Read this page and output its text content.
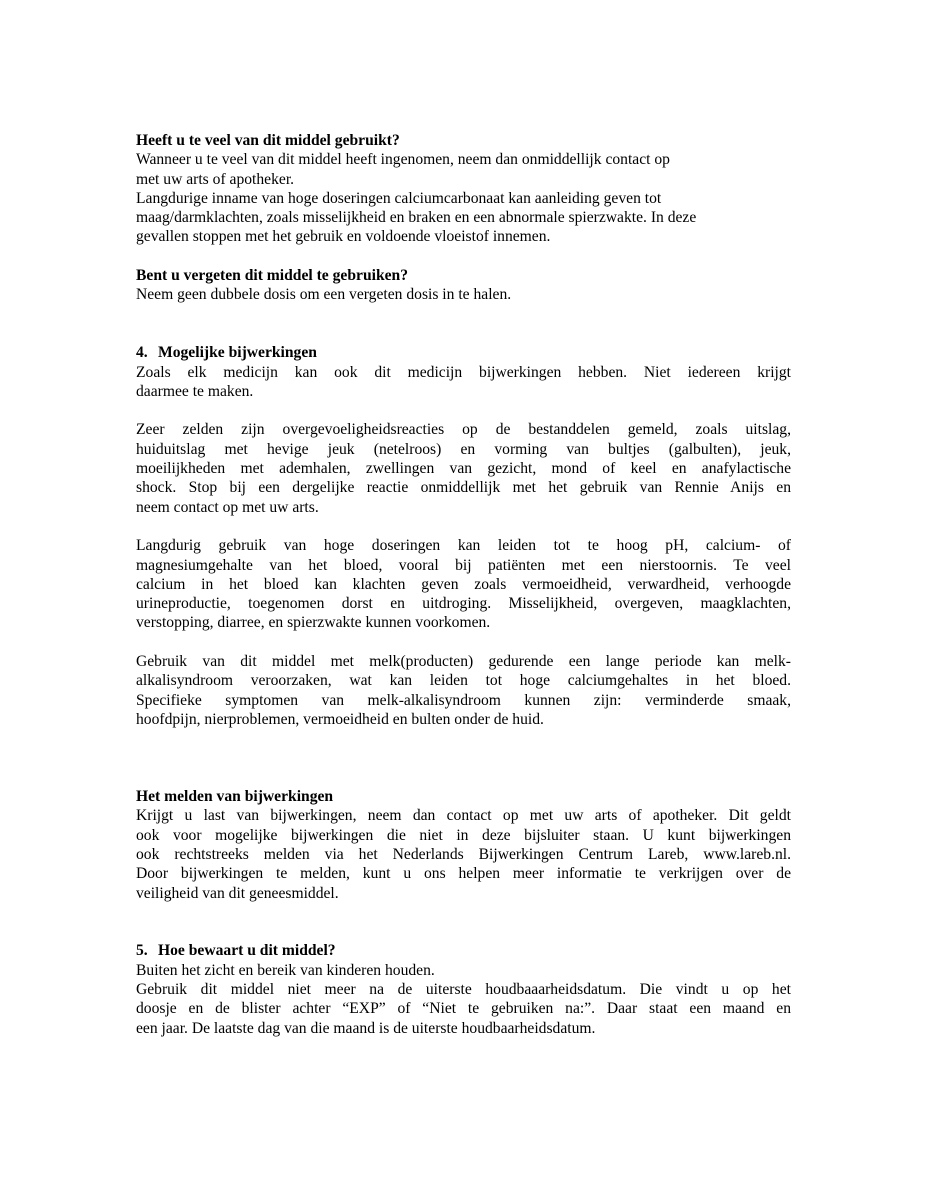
Heeft u te veel van dit middel gebruikt?

Wanneer u te veel van dit middel heeft ingenomen, neem dan onmiddellijk contact op
met uw arts of apotheker.
Langdurige inname van hoge doseringen calciumcarbonaat kan aanleiding geven tot
maag/darmklachten, zoals misselijkheid en braken en een abnormale spierzwakte. In deze
gevallen stoppen met het gebruik en voldoende vloeistof innemen.

Bent u vergeten dit middel te gebruiken?

Neem geen dubbele dosis om een vergeten dosis in te halen.

4. Mogelijke bijwerkingen

Zoals elk medicijn kan ook dit medicijn bijwerkingen hebben. Niet iedereen krijgt
daarmee te maken.
Zeer zelden zijn overgevoeligheidsreacties op de bestanddelen gemeld, zoals uitslag,
huiduitslag met hevige jeuk (netelroos) en vorming van bultjes (galbulten), jeuk,
moeilijkheden met ademhalen, zwellingen van gezicht, mond of keel en anafylactische
shock. Stop bij een dergelijke reactie onmiddellijk met het gebruik van Rennie Anijs en
neem contact op met uw arts.
Langdurig gebruik van hoge doseringen kan leiden tot te hoog pH, calcium- of
magnesiumgehalte van het bloed, vooral bij patiënten met een nierstoornis. Te veel
calcium in het bloed kan klachten geven zoals vermoeidheid, verwardheid, verhoogde
urineproductie, toegenomen dorst en uitdroging. Misselijkheid, overgeven, maagklachten,
verstopping, diarree, en spierzwakte kunnen voorkomen.
Gebruik van dit middel met melk(producten) gedurende een lange periode kan melk-
alkalisyndroom veroorzaken, wat kan leiden tot hoge calciumgehaltes in het bloed.
Specifieke symptomen van melk-alkalisyndroom kunnen zijn: verminderde smaak,
hoofdpijn, nierproblemen, vermoeidheid en bulten onder de huid.

Het melden van bijwerkingen

Krijgt u last van bijwerkingen, neem dan contact op met uw arts of apotheker. Dit geldt
ook voor mogelijke bijwerkingen die niet in deze bijsluiter staan. U kunt bijwerkingen
ook rechtstreeks melden via het Nederlands Bijwerkingen Centrum Lareb, www.lareb.nl.
Door bijwerkingen te melden, kunt u ons helpen meer informatie te verkrijgen over de
veiligheid van dit geneesmiddel.

5. Hoe bewaart u dit middel?

Buiten het zicht en bereik van kinderen houden.
Gebruik dit middel niet meer na de uiterste houdbaaarheidsdatum. Die vindt u op het
doosje en de blister achter “EXP” of “Niet te gebruiken na:”. Daar staat een maand en
een jaar. De laatste dag van die maand is de uiterste houdbaarheidsdatum.
